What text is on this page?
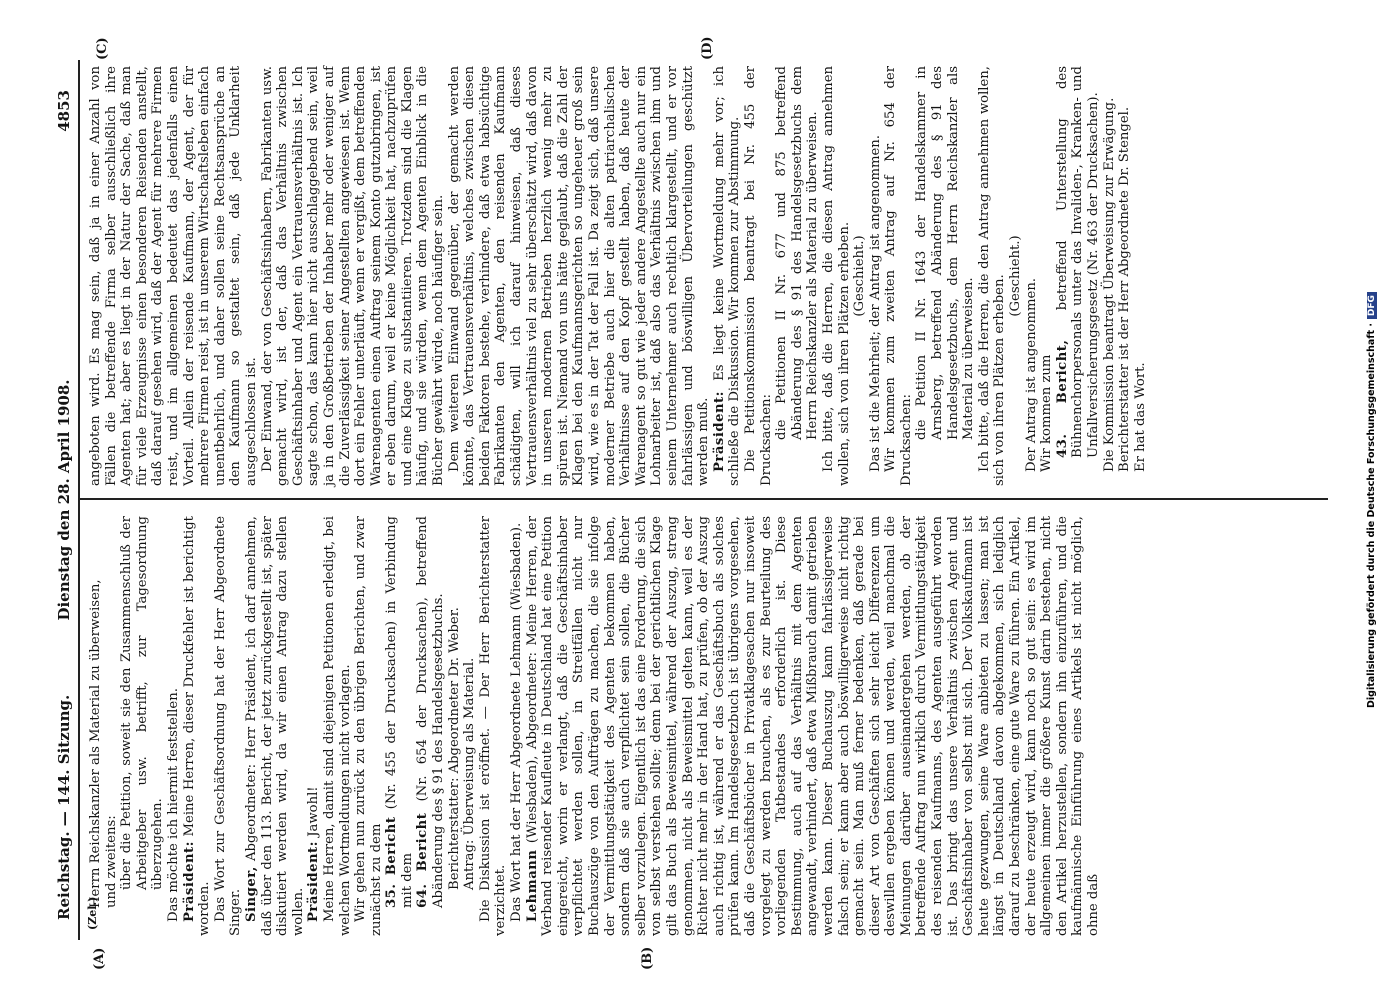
Reichstag. — 144. Sitzung.
Dienstag den 28. April 1908.
4853
(A)	(B)
(C)	(D)
(Zel.)

Herrn Reichskanzler als Material zu überweisen, und zweitens: über die Petition, soweit sie den Zusammenschluß der Arbeitgeber usw. betrifft, zur Tagesordnung überzugehen. Das möchte ich hiermit feststellen. Präsident: Meine Herren, dieser Druckfehler ist berichtigt worden. Das Wort zur Geschäftsordnung hat der Herr Abgeordnete Singer. Singer, Abgeordneter: Herr Präsident, ich darf annehmen, daß über den 113. Bericht, der jetzt zurückgestellt ist, später diskutiert werden wird, da wir einen Antrag dazu stellen wollen. Präsident: Jawohl! Meine Herren, damit sind diejenigen Petitionen erledigt, bei welchen Wortmeldungen nicht vorlagen. Wir gehen nun zurück zu den übrigen Berichten, und zwar zunächst zu dem 35. Bericht (Nr. 455 der Drucksachen) in Verbindung mit dem 64. Bericht (Nr. 654 der Drucksachen), betreffend Abänderung des § 91 des Handelsgesetzbuchs. Berichterstatter: Abgeordneter Dr. Weber. Antrag: Überweisung als Material. Die Diskussion ist eröffnet. — Der Herr Berichterstatter verzichtet. Das Wort hat der Herr Abgeordnete Lehmann (Wiesbaden). Lehmann (Wiesbaden), Abgeordneter: Meine Herren, der Verband reisender Kaufleute in Deutschland hat eine Petition eingereicht, worin er verlangt, daß die Geschäftsinhaber verpflichtet werden sollen, in Streitfällen nicht nur Buchauszüge von den Aufträgen zu machen, die sie infolge der Vermittlungstätigkeit des Agenten bekommen haben, sondern daß sie auch verpflichtet sein sollen, die Bücher selber vorzulegen. Eigentlich ist das eine Forderung, die sich von selbst verstehen sollte; denn bei der gerichtlichen Klage gilt das Buch als Beweismittel, während der Auszug, streng genommen, nicht als Beweismittel gelten kann, weil es der Richter nicht mehr in der Hand hat, zu prüfen, ob der Auszug auch richtig ist, während er das Geschäftsbuch als solches prüfen kann. Im Handelsgesetzbuch ist übrigens vorgesehen, daß die Geschäftsbücher in Privatklagesachen nur insoweit vorgelegt zu werden brauchen, als es zur Beurteilung des vorliegenden Tatbestandes erforderlich ist. Diese Bestimmung, auch auf das Verhältnis mit dem Agenten angewandt, verhindert, daß etwa Mißbrauch damit getrieben werden kann. Dieser Buchauszug kann fahrlässigerweise falsch sein; er kann aber auch böswilligerweise nicht richtig gemacht sein. Man muß ferner bedenken, daß gerade bei dieser Art von Geschäften sich sehr leicht Differenzen um deswillen ergeben können und werden, weil manchmal die Meinungen darüber auseinandergehen werden, ob der betreffende Auftrag nun wirklich durch Vermittlungstätigkeit des reisenden Kaufmanns, des Agenten ausgeführt worden ist. Das bringt das unsere Verhältnis zwischen Agent und Geschäftsinhaber von selbst mit sich. Der Volkskaufmann ist heute gezwungen, seine Ware anbieten zu lassen; man ist längst in Deutschland davon abgekommen, sich lediglich darauf zu beschränken, eine gute Ware zu führen. Ein Artikel, der heute erzeugt wird, kann noch so gut sein: es wird im allgemeinen immer die größere Kunst darin bestehen, nicht den Artikel herzustellen, sondern ihn einzuführen, und die kaufmännische Einführung eines Artikels ist nicht möglich, ohne daß

angeboten wird. Es mag sein, daß ja in einer Anzahl von Fällen die betreffende Firma selber ausschließlich ihre Agenten hat; aber es liegt in der Natur der Sache, daß man für viele Erzeugnisse einen besonderen Reisenden anstellt, daß darauf gesehen wird, daß der Agent für mehrere Firmen reist, und im allgemeinen bedeutet das jedenfalls einen Vorteil. Allein der reisende Kaufmann, der Agent, der für mehrere Firmen reist, ist in unserem Wirtschaftsleben einfach unentbehrlich, und daher sollen seine Rechtsansprüche an den Kaufmann so gestaltet sein, daß jede Unklarheit ausgeschlossen ist. Der Einwand, der von Geschäftsinhabern, Fabrikanten usw. gemacht wird, ist der, daß das Verhältnis zwischen Geschäftsinhaber und Agent ein Vertrauensverhältnis ist. Ich sagte schon, das kann hier nicht ausschlaggebend sein, weil ja in den Großbetrieben der Inhaber mehr oder weniger auf die Zuverlässigkeit seiner Angestellten angewiesen ist. Wenn dort ein Fehler unterläuft, wenn er vergißt, dem betreffenden Warenagenten einen Auftrag seinem Konto gutzubringen, ist er eben darum, weil er keine Möglichkeit hat, nachzuprüfen und eine Klage zu substantiieren. Trotzdem sind die Klagen häufig, und sie würden, wenn dem Agenten Einblick in die Bücher gewährt würde, noch häufiger sein. Dem weiteren Einwand gegenüber, der gemacht werden könnte, das Vertrauensverhältnis, welches zwischen diesen beiden Faktoren bestehe, verhindere, daß etwa habsüchtige Fabrikanten den Agenten, den reisenden Kaufmann schädigten, will ich darauf hinweisen, daß dieses Vertrauensverhältnis viel zu sehr überschätzt wird, daß davon in unseren modernen Betrieben herzlich wenig mehr zu spüren ist. Niemand von uns hätte geglaubt, daß die Zahl der Klagen bei den Kaufmannsgerichten so ungeheuer groß sein wird, wie es in der Tat der Fall ist. Da zeigt sich, daß unsere moderner Betriebe auch hier die alten patriarchalischen Verhältnisse auf den Kopf gestellt haben, daß heute der Warenagent so gut wie jeder andere Angestellte auch nur ein Lohnarbeiter ist, daß also das Verhältnis zwischen ihm und seinem Unternehmer auch rechtlich klargestellt, und er vor fahrlässigen und böswilligen Übervorteilungen geschützt werden muß. Präsident: Es liegt keine Wortmeldung mehr vor; ich schließe die Diskussion. Wir kommen zur Abstimmung. Die Petitionskommission beantragt bei Nr. 455 der Drucksachen: die Petitionen II Nr. 677 und 875 betreffend Abänderung des § 91 des Handelsgesetzbuchs dem Herrn Reichskanzler als Material zu überweisen. Ich bitte, daß die Herren, die diesen Antrag annehmen wollen, sich von ihren Plätzen erheben. (Geschieht.) Das ist die Mehrheit; der Antrag ist angenommen. Wir kommen zum zweiten Antrag auf Nr. 654 der Drucksachen: die Petition II Nr. 1643 der Handelskammer in Arnsberg, betreffend Abänderung des § 91 des Handelsgesetzbuchs, dem Herrn Reichskanzler als Material zu überweisen. Ich bitte, daß die Herren, die den Antrag annehmen wollen, sich von ihren Plätzen erheben. (Geschieht.)

Der Antrag ist angenommen. Wir kommen zum 43. Bericht, betreffend Unterstellung des Bühnenchorpersonals unter das Invaliden-, Kranken- und Unfallversicherungsgesetz (Nr. 463 der Drucksachen). Die Kommission beantragt Überweisung zur Erwägung. Berichterstatter ist der Herr Abgeordnete Dr. Stengel. Er hat das Wort.	Digitalisierung gefördert durch die Deutsche Forschungsgemeinschaft ·DFG
